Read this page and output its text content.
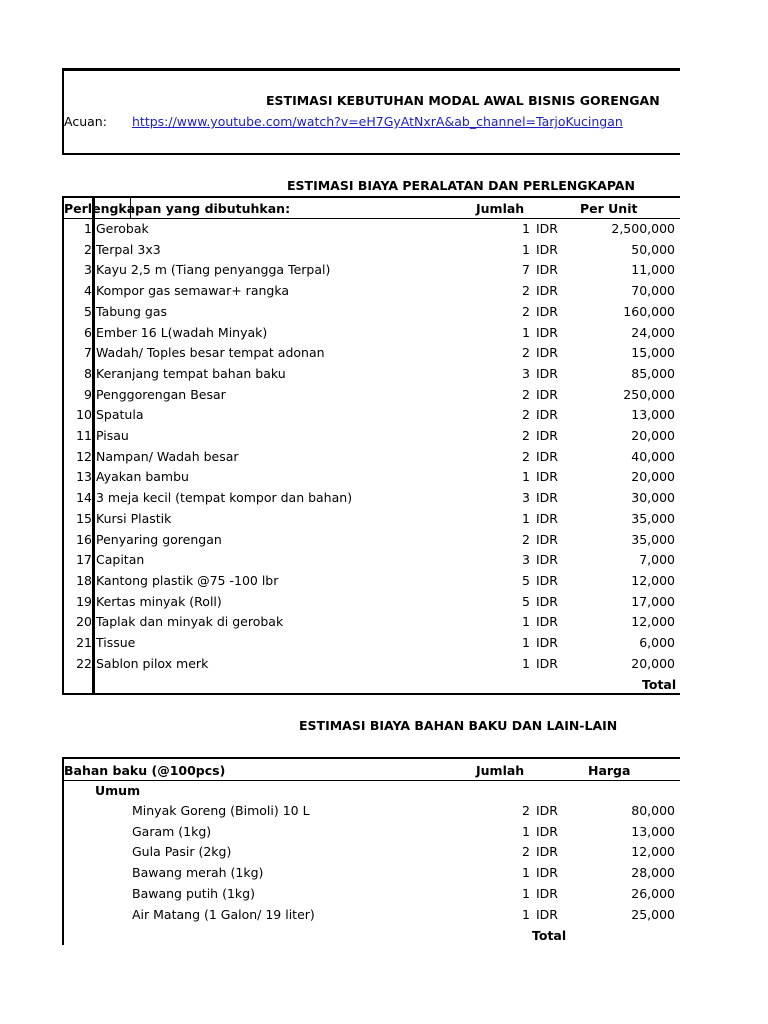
ESTIMASI KEBUTUHAN MODAL AWAL BISNIS GORENGAN
Acuan: https://www.youtube.com/watch?v=eH7GyAtNxrA&ab_channel=TarjoKucingan
ESTIMASI BIAYA PERALATAN DAN PERLENGKAPAN
Perlengkapan yang dibutuhkan:	Jumlah	Per Unit
1 Gerobak	1 IDR	2,500,000
2 Terpal 3x3	1 IDR	50,000
3 Kayu 2,5 m (Tiang penyangga Terpal)	7 IDR	11,000
4 Kompor gas semawar+ rangka	2 IDR	70,000
5 Tabung gas	2 IDR	160,000
6 Ember 16 L(wadah Minyak)	1 IDR	24,000
7 Wadah/ Toples besar tempat adonan	2 IDR	15,000
8 Keranjang tempat bahan baku	3 IDR	85,000
9 Penggorengan Besar	2 IDR	250,000
10 Spatula	2 IDR	13,000
11 Pisau	2 IDR	20,000
12 Nampan/ Wadah besar	2 IDR	40,000
13 Ayakan bambu	1 IDR	20,000
14 3 meja kecil (tempat kompor dan bahan)	3 IDR	30,000
15 Kursi Plastik	1 IDR	35,000
16 Penyaring gorengan	2 IDR	35,000
17 Capitan	3 IDR	7,000
18 Kantong plastik @75 -100 lbr	5 IDR	12,000
19 Kertas minyak (Roll)	5 IDR	17,000
20 Taplak dan minyak di gerobak	1 IDR	12,000
21 Tissue	1 IDR	6,000
22 Sablon pilox merk	1 IDR	20,000
Total
ESTIMASI BIAYA BAHAN BAKU DAN LAIN-LAIN
Bahan baku (@100pcs)	Jumlah	Harga
Umum
Minyak Goreng (Bimoli) 10 L	2 IDR	80,000
Garam (1kg)	1 IDR	13,000
Gula Pasir (2kg)	2 IDR	12,000
Bawang merah (1kg)	1 IDR	28,000
Bawang putih (1kg)	1 IDR	26,000
Air Matang (1 Galon/ 19 liter)	1 IDR	25,000
Total
